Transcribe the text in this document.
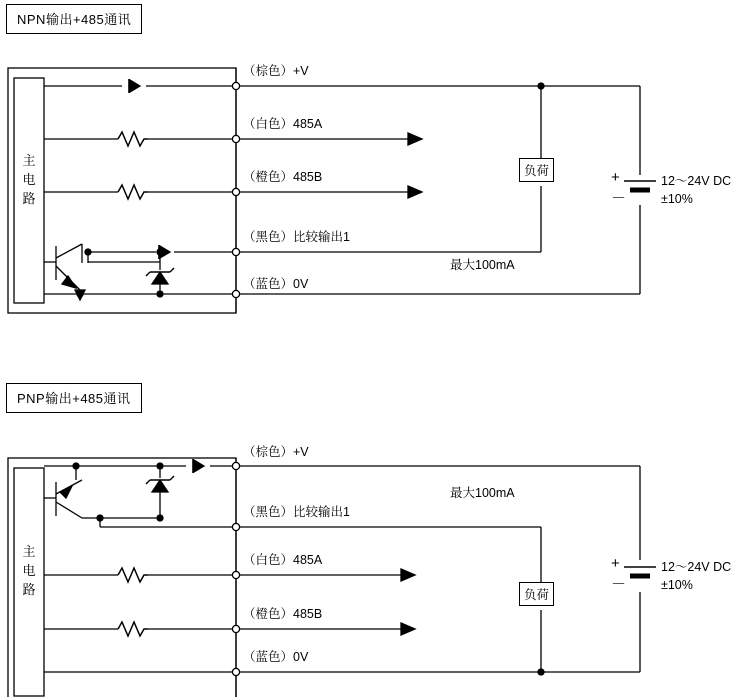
NPN输出+485通讯
主电路
（棕色）+V
（白色）485A
（橙色）485B
（黑色）比较输出1
（蓝色）0V
最大100mA
负荷	+
－
12～24V DC
±10%
PNP输出+485通讯
主电路
（棕色）+V
（黑色）比较输出1
（白色）485A
（橙色）485B
（蓝色）0V
最大100mA
负荷
+
－
12～24V DC
±10%
